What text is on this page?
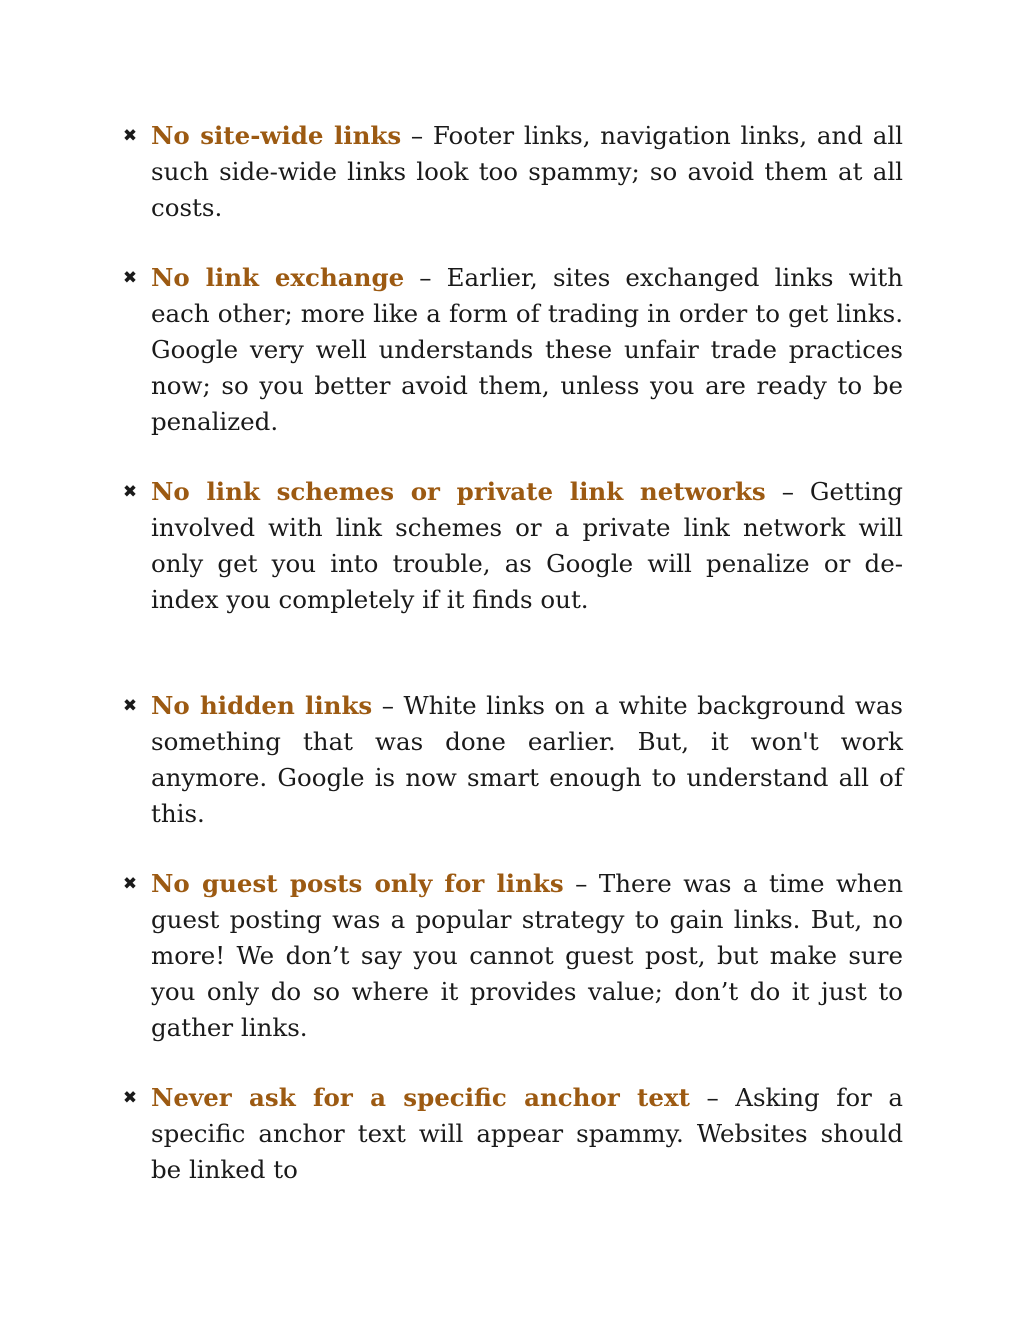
✖ No site-wide links – Footer links, navigation links, and all such side-wide links look too spammy; so avoid them at all costs.
✖ No link exchange – Earlier, sites exchanged links with each other; more like a form of trading in order to get links. Google very well understands these unfair trade practices now; so you better avoid them, unless you are ready to be penalized.
✖ No link schemes or private link networks – Getting involved with link schemes or a private link network will only get you into trouble, as Google will penalize or de-index you completely if it finds out.
✖ No hidden links – White links on a white background was something that was done earlier. But, it won't work anymore. Google is now smart enough to understand all of this.
✖ No guest posts only for links – There was a time when guest posting was a popular strategy to gain links. But, no more! We don’t say you cannot guest post, but make sure you only do so where it provides value; don’t do it just to gather links.
✖ Never ask for a specific anchor text – Asking for a specific anchor text will appear spammy. Websites should be linked to
